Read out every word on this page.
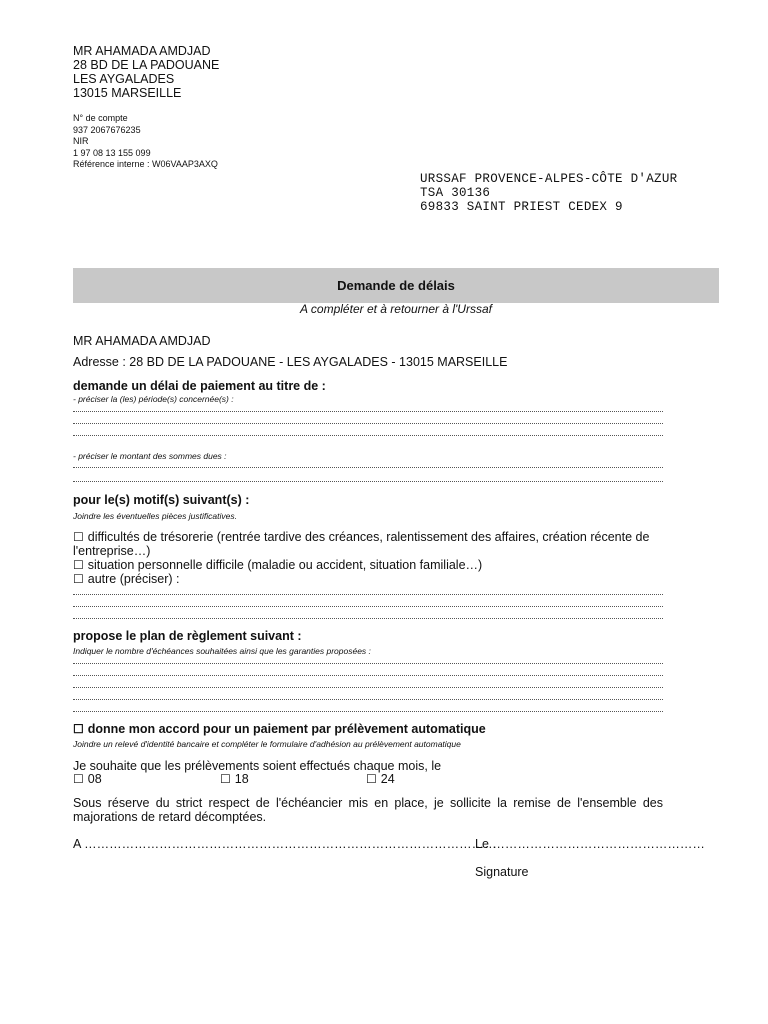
MR AHAMADA AMDJAD
28 BD DE LA PADOUANE
LES AYGALADES
13015 MARSEILLE
N° de compte
937 2067676235
NIR
1 97 08 13 155 099
Référence interne : W06VAAP3AXQ
URSSAF PROVENCE-ALPES-CÔTE D'AZUR
TSA 30136
69833 SAINT PRIEST CEDEX 9
Demande de délais
A compléter et à retourner à l'Urssaf
MR AHAMADA AMDJAD
Adresse : 28 BD DE LA PADOUANE - LES AYGALADES - 13015 MARSEILLE
demande un délai de paiement au titre de :
- préciser la (les) période(s) concernée(s) :
- préciser le montant des sommes dues :
pour le(s) motif(s) suivant(s) :
Joindre les éventuelles pièces justificatives.
☐ difficultés de trésorerie (rentrée tardive des créances, ralentissement des affaires, création récente de l'entreprise…)
☐ situation personnelle difficile (maladie ou accident, situation familiale…)
☐ autre (préciser) :
propose le plan de règlement suivant :
Indiquer le nombre d'échéances souhaitées ainsi que les garanties proposées :
☐ donne mon accord pour un paiement par prélèvement automatique
Joindre un relevé d'identité bancaire et compléter le formulaire d'adhésion au prélèvement automatique
Je souhaite que les prélèvements soient effectués chaque mois, le
☐ 08	☐ 18	☐ 24
Sous réserve du strict respect de l'échéancier mis en place, je sollicite la remise de l'ensemble des majorations de retard décomptées.
A ………………………………………………………………………………………
Le ……………………………………………
Signature
